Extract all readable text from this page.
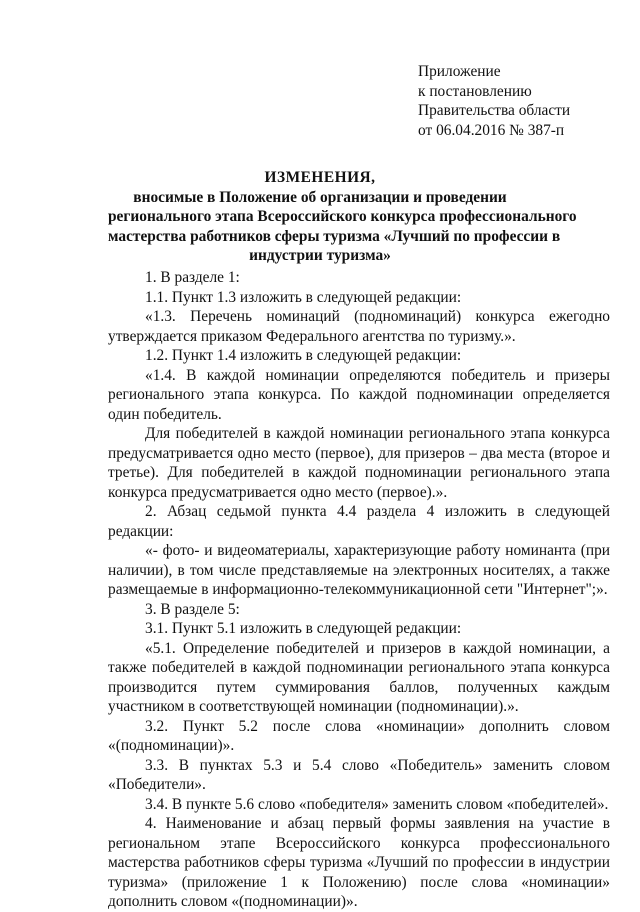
Приложение
к постановлению
Правительства области
от 06.04.2016 № 387-п
ИЗМЕНЕНИЯ,
вносимые в Положение об организации и проведении
регионального этапа Всероссийского конкурса профессионального
мастерства работников сферы туризма «Лучший по профессии в
индустрии туризма»

1. В разделе 1:

1.1. Пункт 1.3 изложить в следующей редакции:

«1.3. Перечень номинаций (подноминаций) конкурса ежегодно утверждается приказом Федерального агентства по туризму.».

1.2. Пункт 1.4 изложить в следующей редакции:

«1.4. В каждой номинации определяются победитель и призеры регионального этапа конкурса. По каждой подноминации определяется один победитель.

Для победителей в каждой номинации регионального этапа конкурса предусматривается одно место (первое), для призеров – два места (второе и третье). Для победителей в каждой подноминации регионального этапа конкурса предусматривается одно место (первое).».

2. Абзац седьмой пункта 4.4 раздела 4 изложить в следующей редакции:

«- фото- и видеоматериалы, характеризующие работу номинанта (при наличии), в том числе представляемые на электронных носителях, а также размещаемые в информационно-телекоммуникационной сети "Интернет";».

3. В разделе 5:

3.1. Пункт 5.1 изложить в следующей редакции:

«5.1. Определение победителей и призеров в каждой номинации, а также победителей в каждой подноминации регионального этапа конкурса производится путем суммирования баллов, полученных каждым участником в соответствующей номинации (подноминации).».

3.2. Пункт 5.2 после слова «номинации» дополнить словом «(подноминации)».

3.3. В пунктах 5.3 и 5.4 слово «Победитель» заменить словом «Победители».

3.4. В пункте 5.6 слово «победителя» заменить словом «победителей».

4. Наименование и абзац первый формы заявления на участие в региональном этапе Всероссийского конкурса профессионального мастерства работников сферы туризма «Лучший по профессии в индустрии туризма» (приложение 1 к Положению) после слова «номинации» дополнить словом «(подноминации)».
